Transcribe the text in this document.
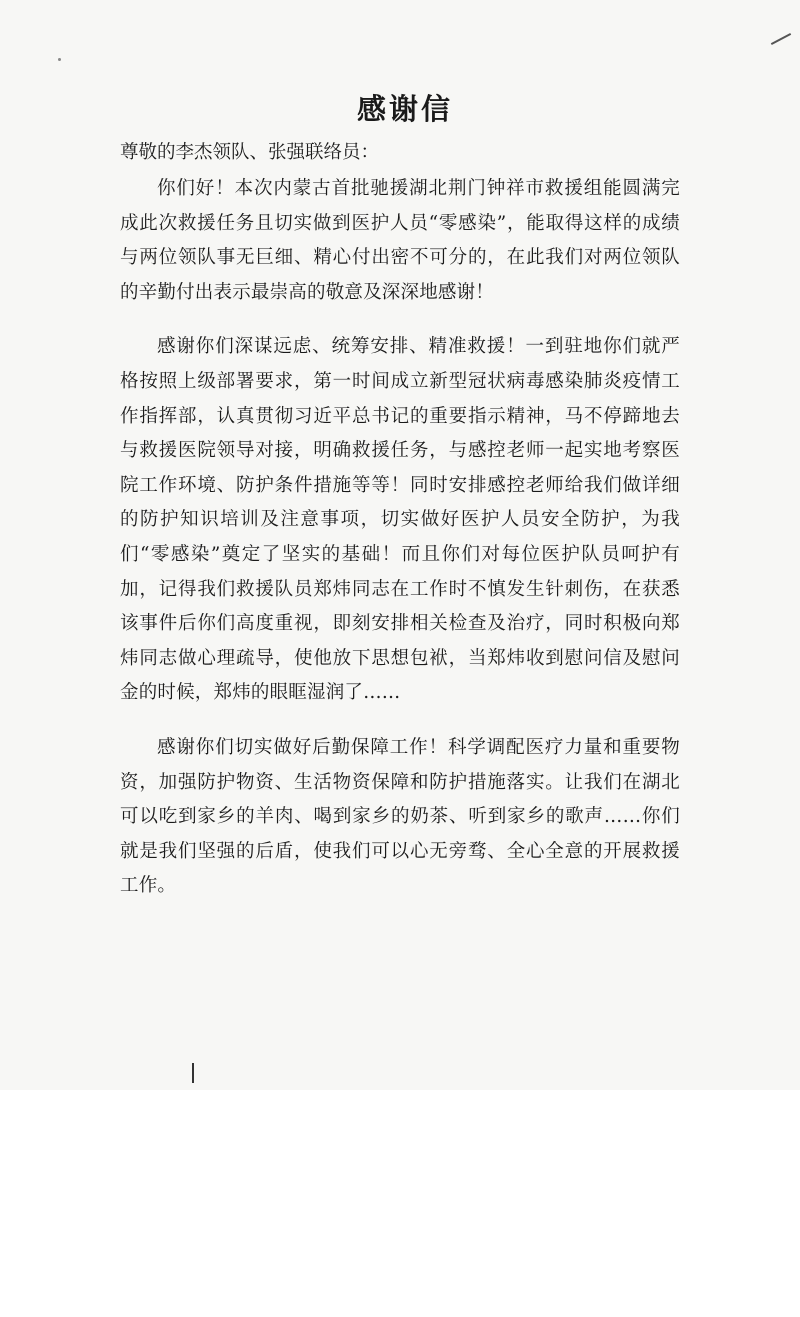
感谢信

尊敬的李杰领队、张强联络员：

你们好！本次内蒙古首批驰援湖北荆门钟祥市救援组能圆满完成此次救援任务且切实做到医护人员“零感染”，能取得这样的成绩与两位领队事无巨细、精心付出密不可分的，在此我们对两位领队的辛勤付出表示最崇高的敬意及深深地感谢！

感谢你们深谋远虑、统筹安排、精准救援！一到驻地你们就严格按照上级部署要求，第一时间成立新型冠状病毒感染肺炎疫情工作指挥部，认真贯彻习近平总书记的重要指示精神，马不停蹄地去与救援医院领导对接，明确救援任务，与感控老师一起实地考察医院工作环境、防护条件措施等等！同时安排感控老师给我们做详细的防护知识培训及注意事项，切实做好医护人员安全防护，为我们“零感染”奠定了坚实的基础！而且你们对每位医护队员呵护有加，记得我们救援队员郑炜同志在工作时不慎发生针刺伤，在获悉该事件后你们高度重视，即刻安排相关检查及治疗，同时积极向郑炜同志做心理疏导，使他放下思想包袱，当郑炜收到慰问信及慰问金的时候，郑炜的眼眶湿润了……

感谢你们切实做好后勤保障工作！科学调配医疗力量和重要物资，加强防护物资、生活物资保障和防护措施落实。让我们在湖北可以吃到家乡的羊肉、喝到家乡的奶茶、听到家乡的歌声……你们就是我们坚强的后盾，使我们可以心无旁骛、全心全意的开展救援工作。
